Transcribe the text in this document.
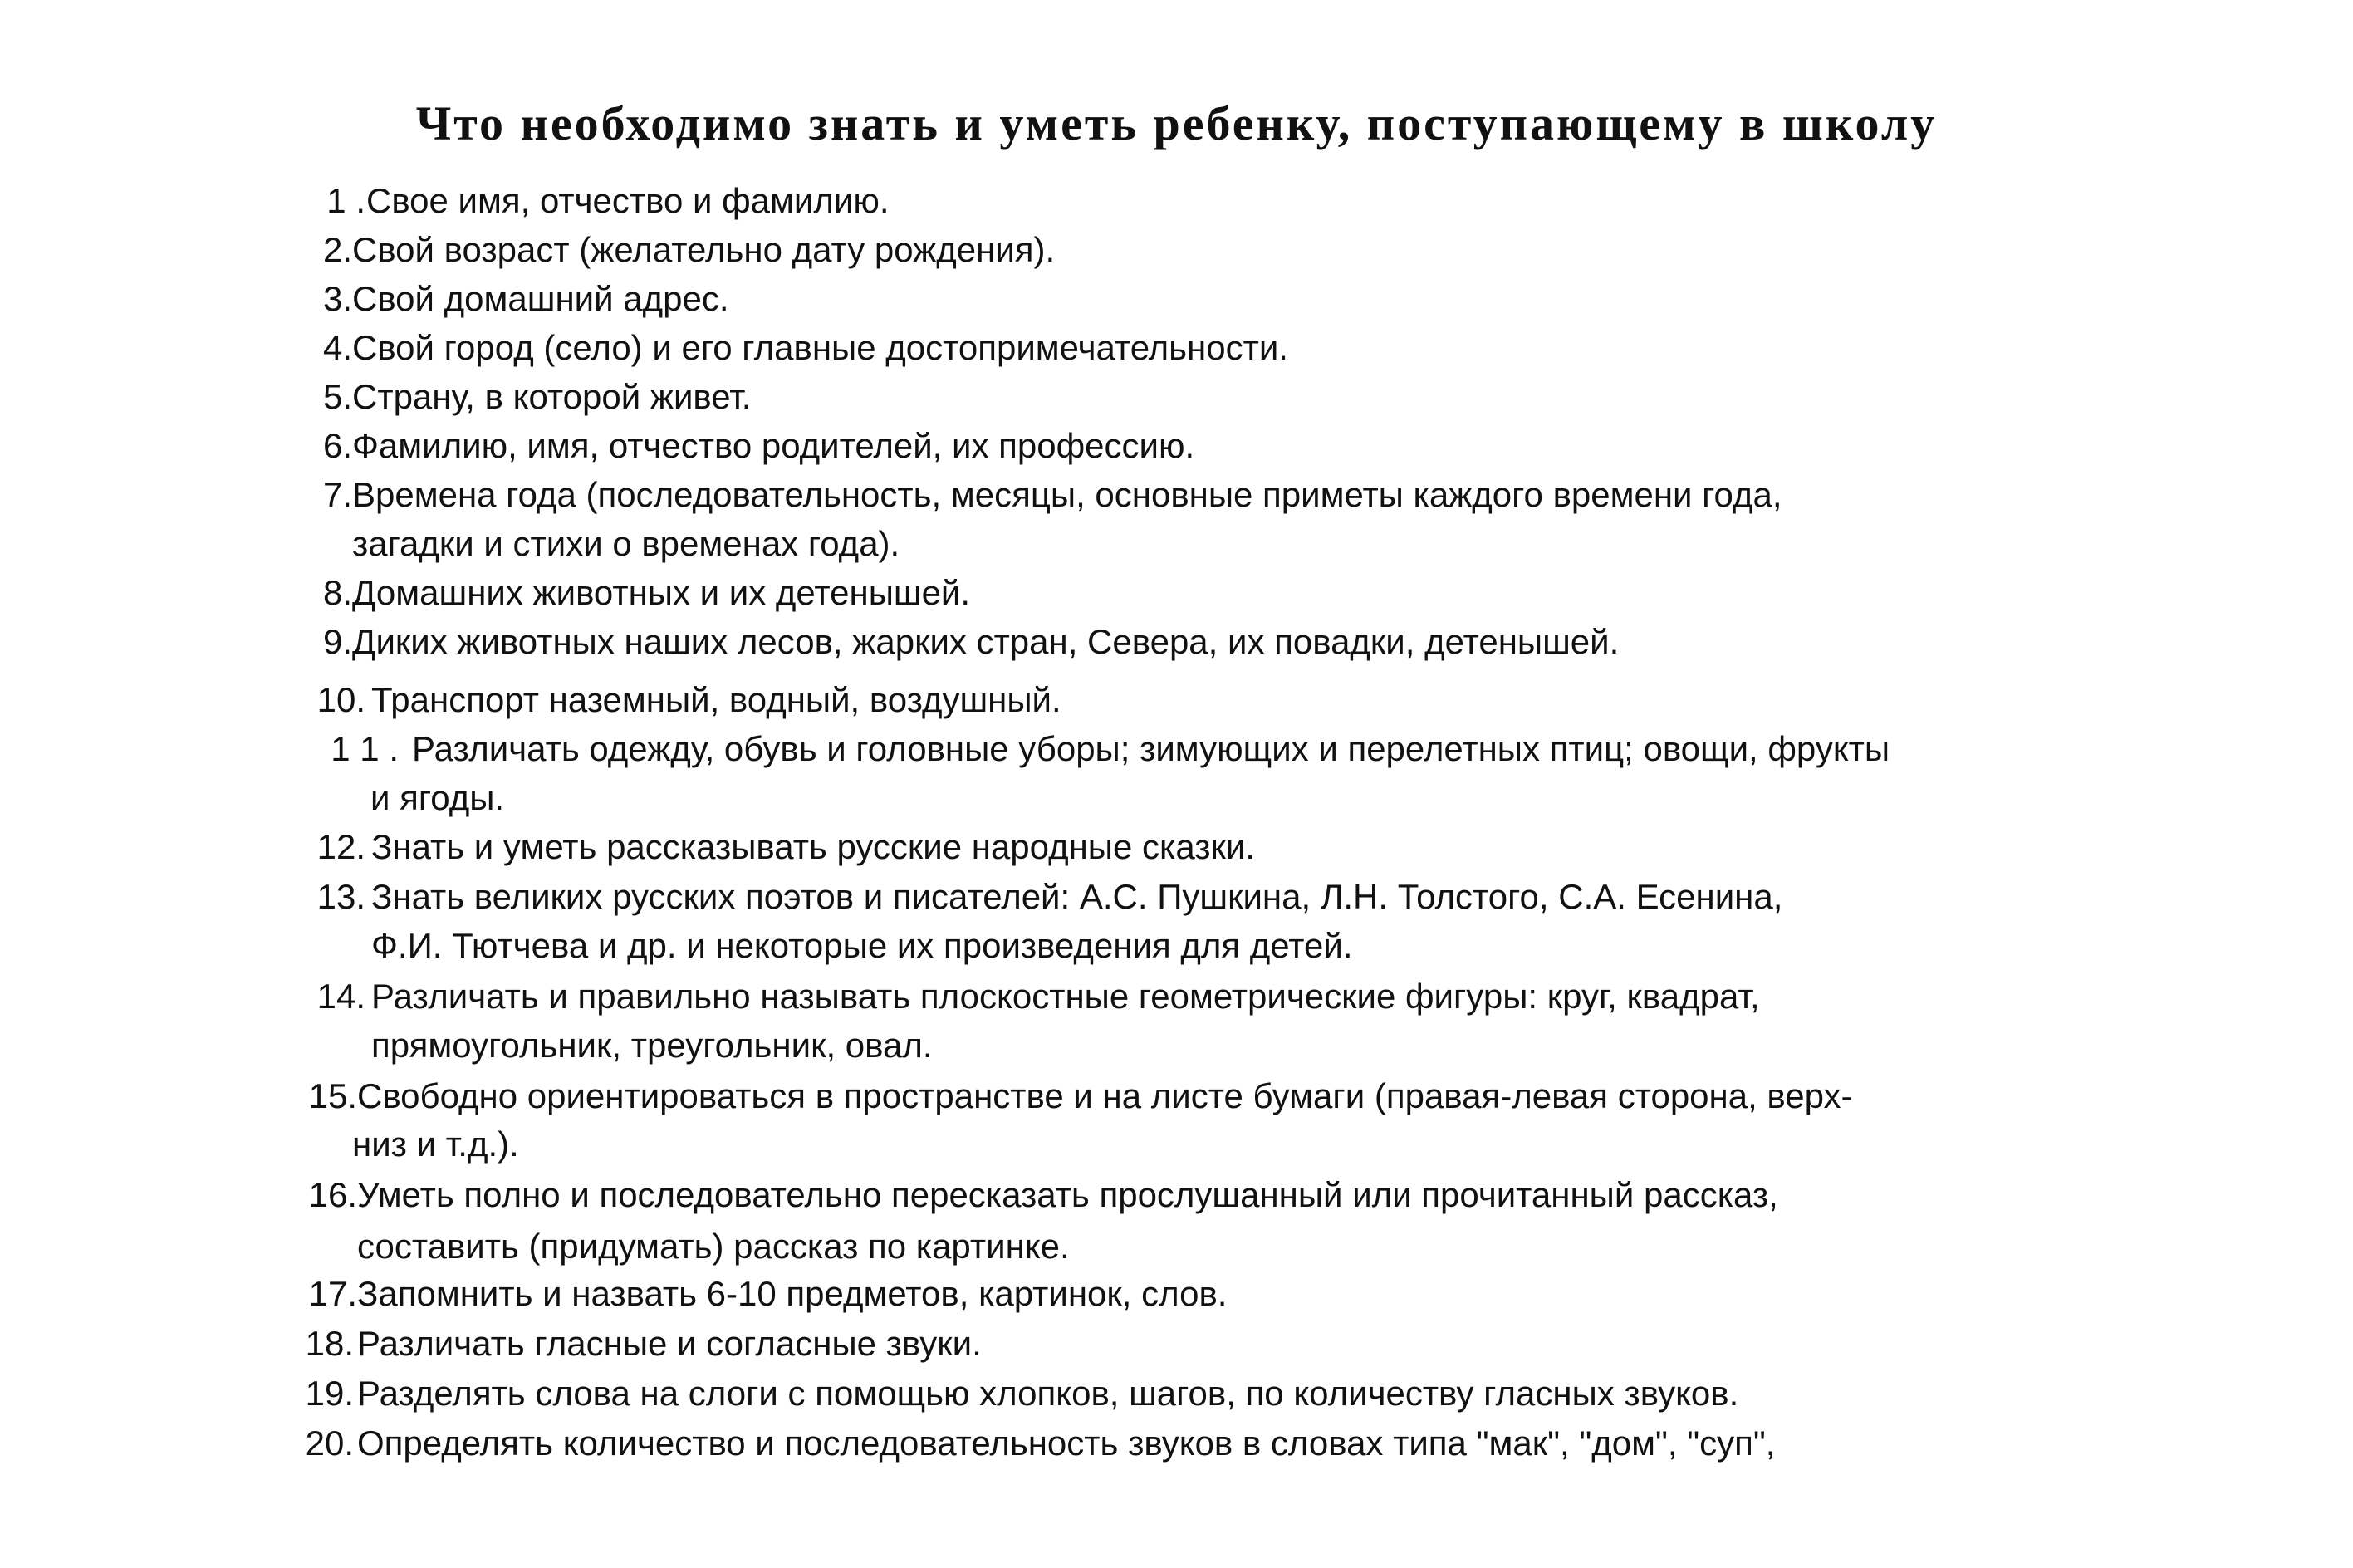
Что необходимо знать и уметь ребенку, поступающему в школу
1 . Свое имя, отчество и фамилию.
2. Свой возраст (желательно дату рождения).
3. Свой домашний адрес.
4. Свой город (село) и его главные достопримечательности.
5. Страну, в которой живет.
6. Фамилию, имя, отчество родителей, их профессию.
7. Времена года (последовательность, месяцы, основные приметы каждого времени года,
загадки и стихи о временах года).
8. Домашних животных и их детенышей.
9. Диких животных наших лесов, жарких стран, Севера, их повадки, детенышей.
10. Транспорт наземный, водный, воздушный.
1 1 . Различать одежду, обувь и головные уборы; зимующих и перелетных птиц; овощи, фрукты
и ягоды.
12. Знать и уметь рассказывать русские народные сказки.
13. Знать великих русских поэтов и писателей: А.С. Пушкина, Л.Н. Толстого, С.А. Есенина,
Ф.И. Тютчева и др. и некоторые их произведения для детей.
14. Различать и правильно называть плоскостные геометрические фигуры: круг, квадрат,
прямоугольник, треугольник, овал.
15. Свободно ориентироваться в пространстве и на листе бумаги (правая-левая сторона, верх-
низ и т.д.).
16. Уметь полно и последовательно пересказать прослушанный или прочитанный рассказ,
составить (придумать) рассказ по картинке.
17. Запомнить и назвать 6-10 предметов, картинок, слов.
18. Различать гласные и согласные звуки.
19. Разделять слова на слоги с помощью хлопков, шагов, по количеству гласных звуков.
20. Определять количество и последовательность звуков в словах типа "мак", "дом", "суп",
